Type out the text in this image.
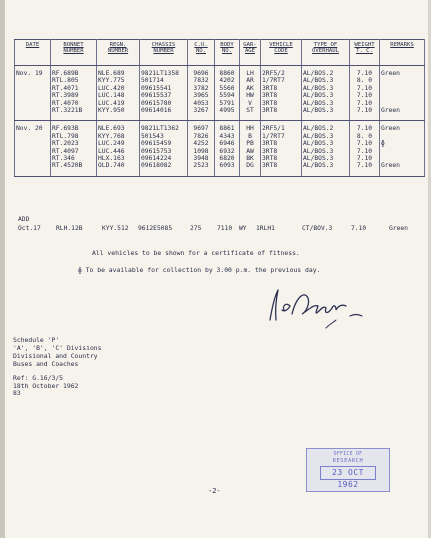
DATE	BONNET NUMBER	REGN. NUMBER	CHASSIS NUMBER	C.U. NO.	BODY NO.	GAR-AGE	VEHICLE CODE	TYPE OF OVERHAUL	WEIGHT T. C.	REMARKS
Nov. 19	RF.689B	NLE.689	9821LT1358	9696	8860	LH	2RF5/2	AL/BOS.2	7.10	Green
	RTL.805	KYY.775	501714	7832	4202	AR	1/7RT7	AL/BOS.3	8. 0	
	RT.4071	LUC.420	09615541	3782	5560	AK	3RT8	AL/BOS.3	7.10	
	RT.3989	LUC.148	09615537	3965	5594	HW	3RT8	AL/BOS.3	7.10	
	RT.4070	LUC.419	09615780	4053	5791	V	3RT8	AL/BOS.3	7.10	
	RT.3221B	KYY.950	09614016	3267	4995	ST	3RT8	AL/BOS.3	7.10	Green
Nov. 20	RF.693B	NLE.693	9821LT1362	9697	8861	HH	2RF5/1	AL/BOS.2	7.10	Green
	RTL.798	KYY.768	501543	7826	4343	B	1/7RT7	AL/BOS.3	8. 0	
	RT.2023	LUC.249	09615459	4252	6946	PB	3RT8	AL/BOS.3	7.10	ɸ
	RT.4097	LUC.446	09615753	1098	6932	AW	3RT8	AL/BOS.3	7.10	
	RT.346	HLX.163	09614224	3948	6820	BK	3RT8	AL/BOS.3	7.10	
	RT.4520B	OLD.740	09618082	2523	6093	DG	3RT8	AL/BOS.3	7.10	Green
ADD
Oct.17 RLH.12B	KYY.512 9612E5085	275 7110 WY 1RLH1	CT/BOV.3	7.10	Green
All vehicles to be shown for a certificate of fitness.
ɸ To be available for collection by 3.00 p.m. the previous day.
Schedule 'P'
'A', 'B', 'C' Divisions
Divisional and Country
Buses and Coaches
Ref: G.16/3/5
18th October 1962
83
OFFICE OF
RESEARCH
23 OCT 1962
-2-
